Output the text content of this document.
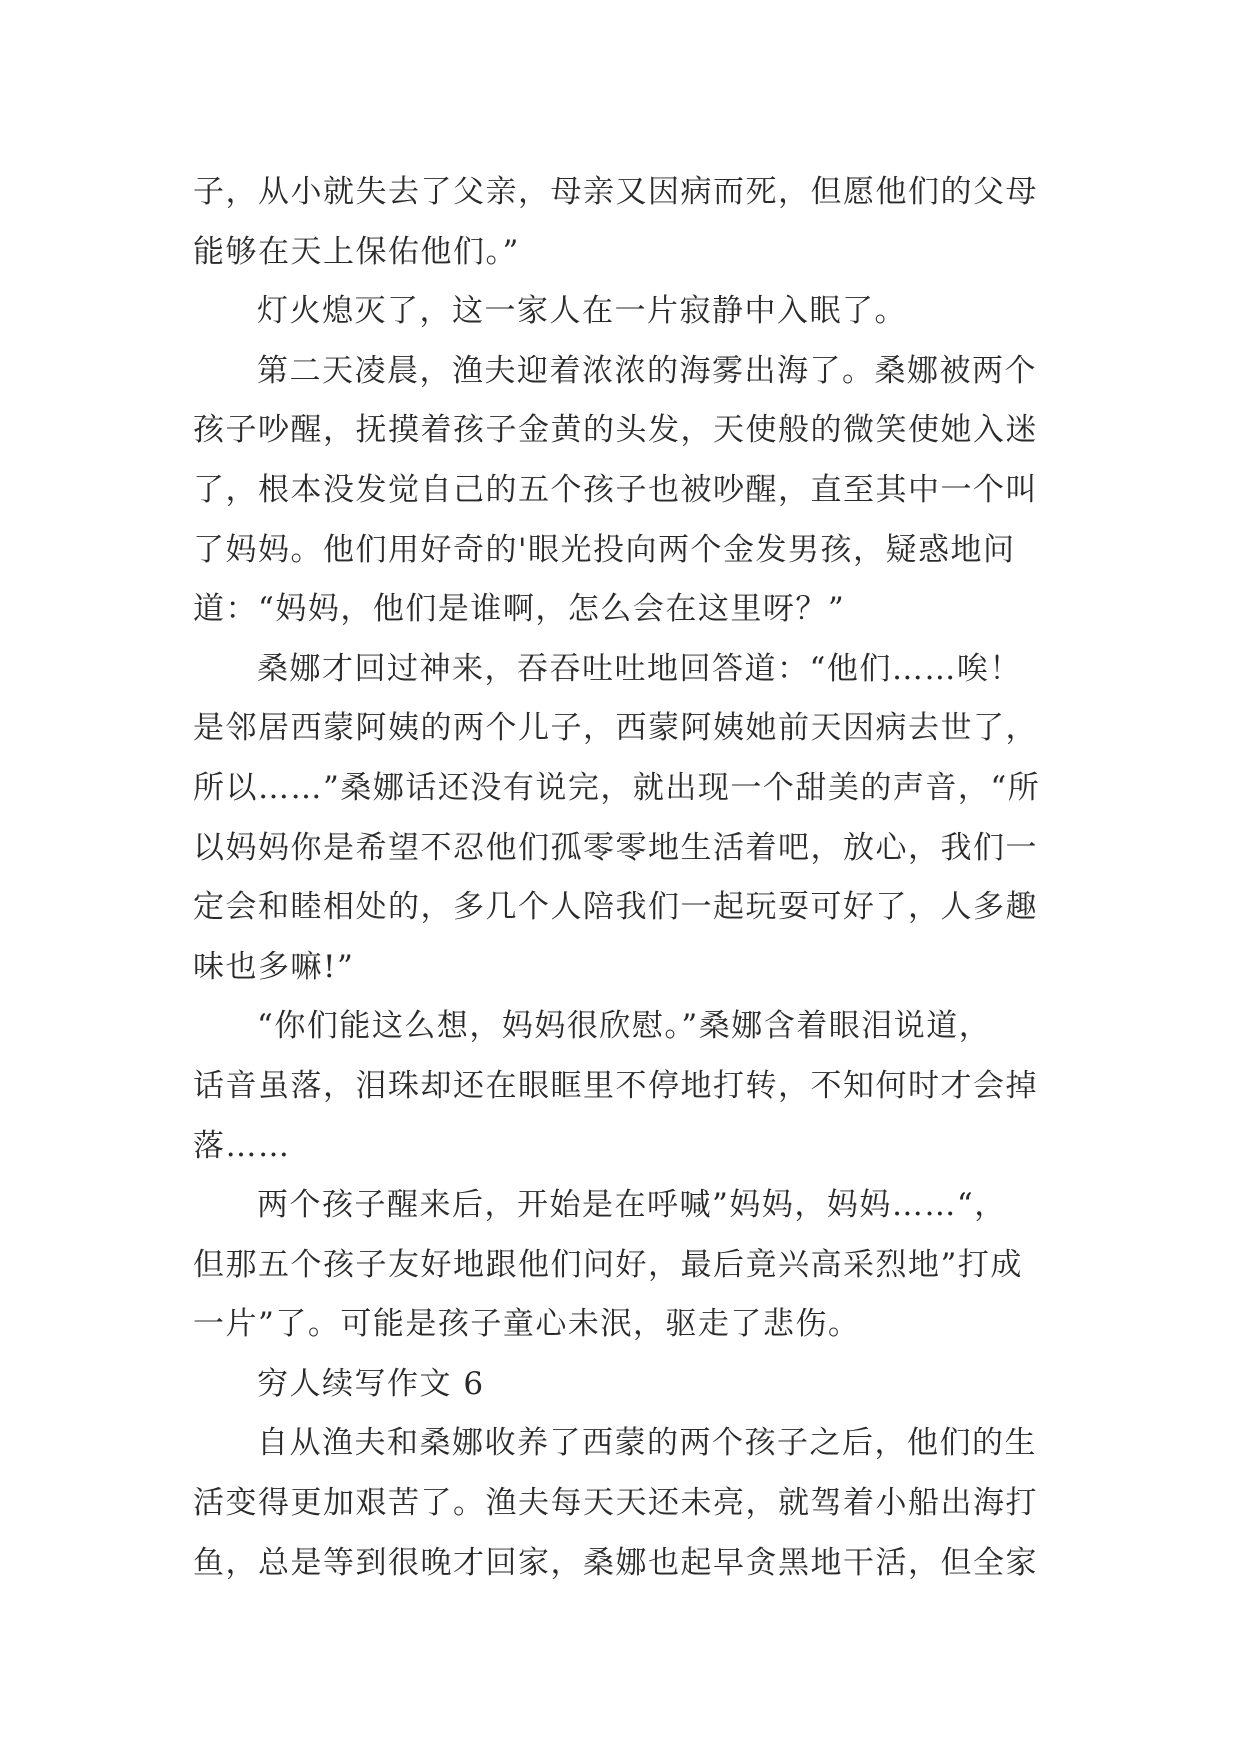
子，从小就失去了父亲，母亲又因病而死，但愿他们的父母
能够在天上保佑他们。”
灯火熄灭了，这一家人在一片寂静中入眠了。
第二天凌晨，渔夫迎着浓浓的海雾出海了。桑娜被两个
孩子吵醒，抚摸着孩子金黄的头发，天使般的微笑使她入迷
了，根本没发觉自己的五个孩子也被吵醒，直至其中一个叫
了妈妈。他们用好奇的'眼光投向两个金发男孩，疑惑地问
道：“妈妈，他们是谁啊，怎么会在这里呀？”
桑娜才回过神来，吞吞吐吐地回答道：“他们……唉！
是邻居西蒙阿姨的两个儿子，西蒙阿姨她前天因病去世了，
所以……”桑娜话还没有说完，就出现一个甜美的声音，“所
以妈妈你是希望不忍他们孤零零地生活着吧，放心，我们一
定会和睦相处的，多几个人陪我们一起玩耍可好了，人多趣
味也多嘛!”
“你们能这么想，妈妈很欣慰。”桑娜含着眼泪说道，
话音虽落，泪珠却还在眼眶里不停地打转，不知何时才会掉
落……
两个孩子醒来后，开始是在呼喊”妈妈，妈妈……“，
但那五个孩子友好地跟他们问好，最后竟兴高采烈地”打成
一片”了。可能是孩子童心未泯，驱走了悲伤。
穷人续写作文 6
自从渔夫和桑娜收养了西蒙的两个孩子之后，他们的生
活变得更加艰苦了。渔夫每天天还未亮，就驾着小船出海打
鱼，总是等到很晚才回家，桑娜也起早贪黑地干活，但全家
